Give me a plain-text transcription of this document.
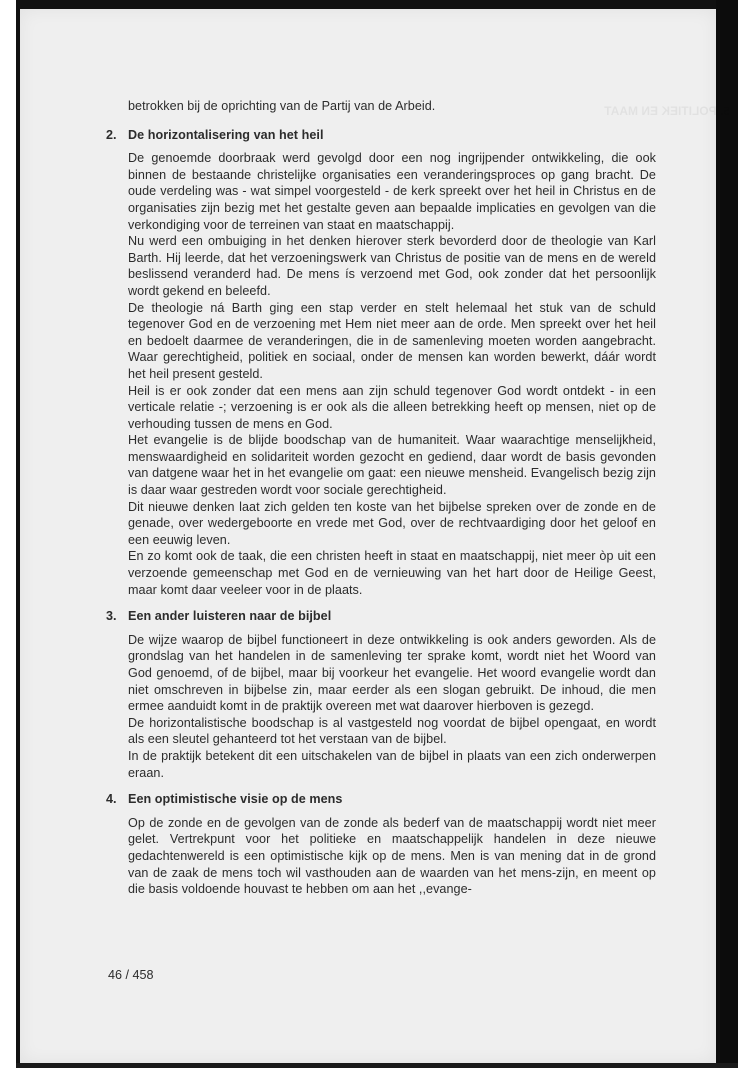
5. POLITIEK EN MAAT

betrokken bij de oprichting van de Partij van de Arbeid.

2. De horizontalisering van het heil

De genoemde doorbraak werd gevolgd door een nog ingrijpender ontwikkeling, die ook binnen de bestaande christelijke organisaties een veranderingsproces op gang bracht. De oude verdeling was - wat simpel voorgesteld - de kerk spreekt over het heil in Christus en de organisaties zijn bezig met het gestalte geven aan bepaalde implicaties en gevolgen van die verkondiging voor de terreinen van staat en maatschappij.

Nu werd een ombuiging in het denken hierover sterk bevorderd door de theologie van Karl Barth. Hij leerde, dat het verzoeningswerk van Christus de positie van de mens en de wereld beslissend veranderd had. De mens ís verzoend met God, ook zonder dat het persoonlijk wordt gekend en beleefd.

De theologie ná Barth ging een stap verder en stelt helemaal het stuk van de schuld tegenover God en de verzoening met Hem niet meer aan de orde. Men spreekt over het heil en bedoelt daarmee de veranderingen, die in de samenleving moeten worden aangebracht. Waar gerechtigheid, politiek en sociaal, onder de mensen kan worden bewerkt, dáár wordt het heil present gesteld.

Heil is er ook zonder dat een mens aan zijn schuld tegenover God wordt ontdekt - in een verticale relatie -; verzoening is er ook als die alleen betrekking heeft op mensen, niet op de verhouding tussen de mens en God.

Het evangelie is de blijde boodschap van de humaniteit. Waar waarachtige menselijkheid, menswaardigheid en solidariteit worden gezocht en gediend, daar wordt de basis gevonden van datgene waar het in het evangelie om gaat: een nieuwe mensheid. Evangelisch bezig zijn is daar waar gestreden wordt voor sociale gerechtigheid.

Dit nieuwe denken laat zich gelden ten koste van het bijbelse spreken over de zonde en de genade, over wedergeboorte en vrede met God, over de rechtvaardiging door het geloof en een eeuwig leven.

En zo komt ook de taak, die een christen heeft in staat en maatschappij, niet meer òp uit een verzoende gemeenschap met God en de vernieuwing van het hart door de Heilige Geest, maar komt daar veeleer voor in de plaats.

3. Een ander luisteren naar de bijbel

De wijze waarop de bijbel functioneert in deze ontwikkeling is ook anders geworden. Als de grondslag van het handelen in de samenleving ter sprake komt, wordt niet het Woord van God genoemd, of de bijbel, maar bij voorkeur het evangelie. Het woord evangelie wordt dan niet omschreven in bijbelse zin, maar eerder als een slogan gebruikt. De inhoud, die men ermee aanduidt komt in de praktijk overeen met wat daarover hierboven is gezegd.

De horizontalistische boodschap is al vastgesteld nog voordat de bijbel opengaat, en wordt als een sleutel gehanteerd tot het verstaan van de bijbel.

In de praktijk betekent dit een uitschakelen van de bijbel in plaats van een zich onderwerpen eraan.

4. Een optimistische visie op de mens

Op de zonde en de gevolgen van de zonde als bederf van de maatschappij wordt niet meer gelet. Vertrekpunt voor het politieke en maatschappelijk handelen in deze nieuwe gedachtenwereld is een optimistische kijk op de mens. Men is van mening dat in de grond van de zaak de mens toch wil vasthouden aan de waarden van het mens-zijn, en meent op die basis voldoende houvast te hebben om aan het ,,evange-

46 / 458
